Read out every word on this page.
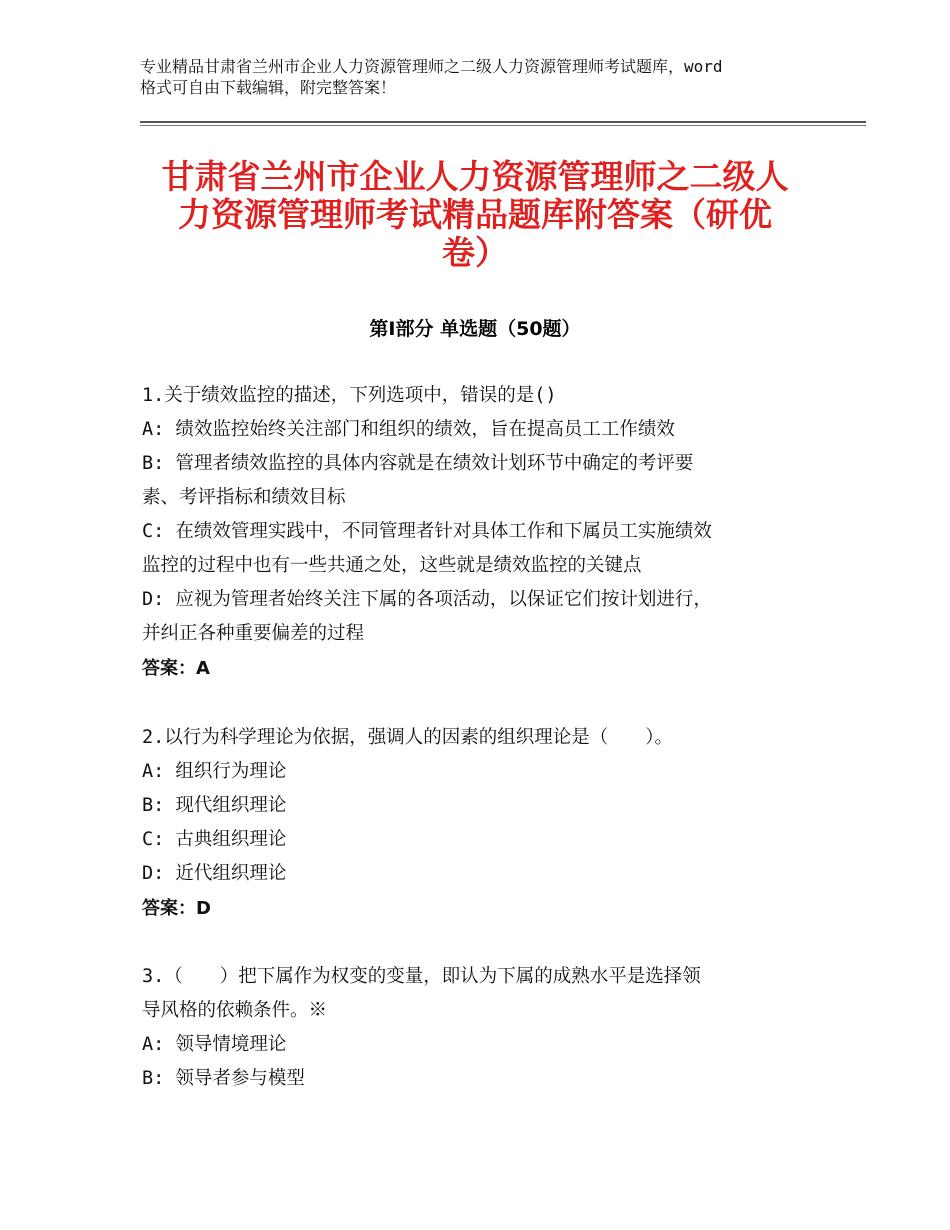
专业精品甘肃省兰州市企业人力资源管理师之二级人力资源管理师考试题库，word
格式可自由下载编辑，附完整答案！
甘肃省兰州市企业人力资源管理师之二级人
力资源管理师考试精品题库附答案（研优
卷）
第Ⅰ部分 单选题（50题）
1.关于绩效监控的描述，下列选项中，错误的是()
A: 绩效监控始终关注部门和组织的绩效，旨在提高员工工作绩效
B: 管理者绩效监控的具体内容就是在绩效计划环节中确定的考评要
素、考评指标和绩效目标
C: 在绩效管理实践中，不同管理者针对具体工作和下属员工实施绩效
监控的过程中也有一些共通之处，这些就是绩效监控的关键点
D: 应视为管理者始终关注下属的各项活动，以保证它们按计划进行，
并纠正各种重要偏差的过程
答案：A
2.以行为科学理论为依据，强调人的因素的组织理论是（　　）。
A: 组织行为理论
B: 现代组织理论
C: 古典组织理论
D: 近代组织理论
答案：D
3.（　　）把下属作为权变的变量，即认为下属的成熟水平是选择领
导风格的依赖条件。※
A: 领导情境理论
B: 领导者参与模型
